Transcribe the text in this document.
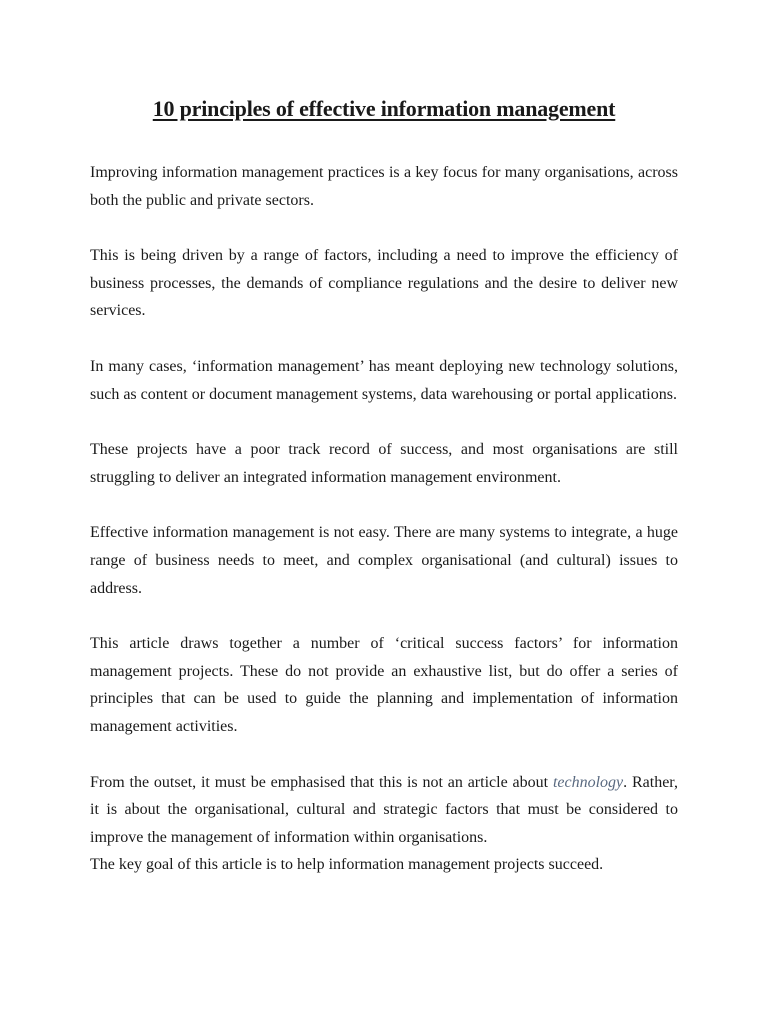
10 principles of effective information management

Improving information management practices is a key focus for many organisations, across both the public and private sectors.

This is being driven by a range of factors, including a need to improve the efficiency of business processes, the demands of compliance regulations and the desire to deliver new services.

In many cases, ‘information management’ has meant deploying new technology solutions, such as content or document management systems, data warehousing or portal applications.

These projects have a poor track record of success, and most organisations are still struggling to deliver an integrated information management environment.

Effective information management is not easy. There are many systems to integrate, a huge range of business needs to meet, and complex organisational (and cultural) issues to address.

This article draws together a number of ‘critical success factors’ for information management projects. These do not provide an exhaustive list, but do offer a series of principles that can be used to guide the planning and implementation of information management activities.

From the outset, it must be emphasised that this is not an article about technology. Rather, it is about the organisational, cultural and strategic factors that must be considered to improve the management of information within organisations.

The key goal of this article is to help information management projects succeed.
